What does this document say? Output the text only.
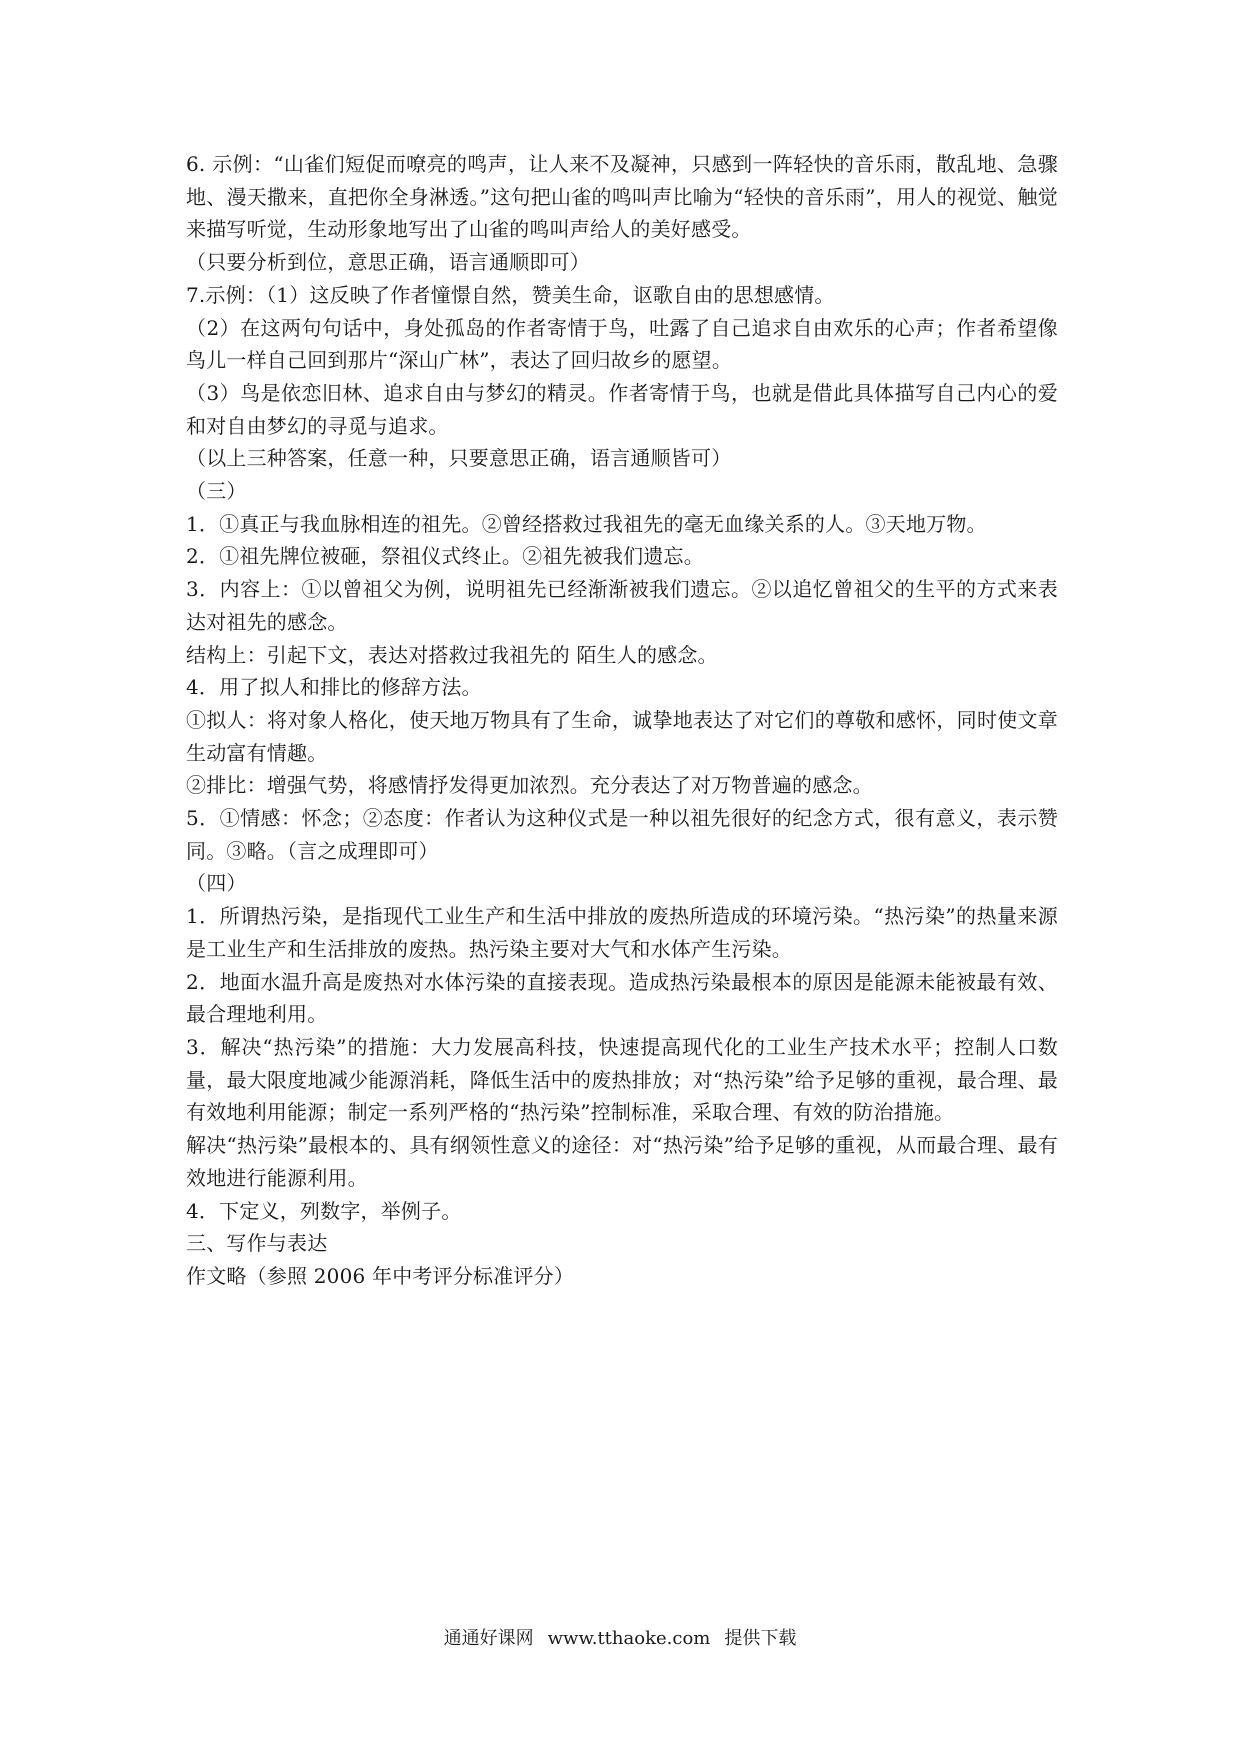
6. 示例：“山雀们短促而嘹亮的鸣声，让人来不及凝神，只感到一阵轻快的音乐雨，散乱地、急骤地、漫天撒来，直把你全身淋透。”这句把山雀的鸣叫声比喻为“轻快的音乐雨”，用人的视觉、触觉来描写听觉，生动形象地写出了山雀的鸣叫声给人的美好感受。

（只要分析到位，意思正确，语言通顺即可）

7.示例：（1）这反映了作者憧憬自然，赞美生命，讴歌自由的思想感情。

（2）在这两句句话中，身处孤岛的作者寄情于鸟，吐露了自己追求自由欢乐的心声；作者希望像鸟儿一样自己回到那片“深山广林”，表达了回归故乡的愿望。

（3）鸟是依恋旧林、追求自由与梦幻的精灵。作者寄情于鸟，也就是借此具体描写自己内心的爱和对自由梦幻的寻觅与追求。

（以上三种答案，任意一种，只要意思正确，语言通顺皆可）

（三）

1．①真正与我血脉相连的祖先。②曾经搭救过我祖先的毫无血缘关系的人。③天地万物。

2．①祖先牌位被砸，祭祖仪式终止。②祖先被我们遗忘。

3．内容上：①以曾祖父为例，说明祖先已经渐渐被我们遗忘。②以追忆曾祖父的生平的方式来表达对祖先的感念。

结构上：引起下文，表达对搭救过我祖先的 陌生人的感念。

4．用了拟人和排比的修辞方法。

①拟人：将对象人格化，使天地万物具有了生命，诚挚地表达了对它们的尊敬和感怀，同时使文章生动富有情趣。

②排比：增强气势，将感情抒发得更加浓烈。充分表达了对万物普遍的感念。

5．①情感：怀念；②态度：作者认为这种仪式是一种以祖先很好的纪念方式，很有意义，表示赞同。③略。（言之成理即可）

（四）

1．所谓热污染，是指现代工业生产和生活中排放的废热所造成的环境污染。“热污染”的热量来源是工业生产和生活排放的废热。热污染主要对大气和水体产生污染。

2．地面水温升高是废热对水体污染的直接表现。造成热污染最根本的原因是能源未能被最有效、最合理地利用。

3．解决“热污染”的措施：大力发展高科技，快速提高现代化的工业生产技术水平；控制人口数量，最大限度地减少能源消耗，降低生活中的废热排放；对“热污染”给予足够的重视，最合理、最有效地利用能源；制定一系列严格的“热污染”控制标准，采取合理、有效的防治措施。

解决“热污染”最根本的、具有纲领性意义的途径：对“热污染”给予足够的重视，从而最合理、最有效地进行能源利用。

4．下定义，列数字，举例子。

三、写作与表达

作文略（参照 2006 年中考评分标准评分）

通通好课网 www.tthaoke.com 提供下载
